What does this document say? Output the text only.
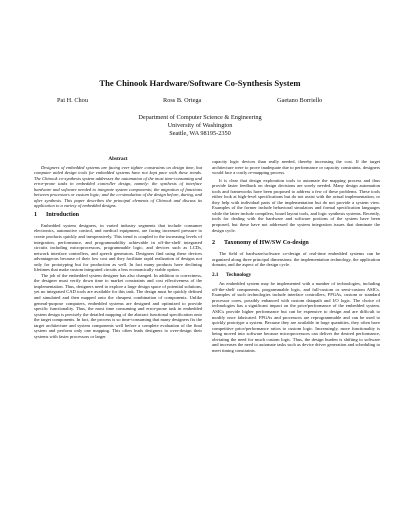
The Chinook Hardware/Software Co-Synthesis System
Pai H. Chou	Ross B. Ortega	Gaetano Borriello
Department of Computer Science & Engineering
University of Washington
Seattle, WA 98195-2350
Abstract

Designers of embedded systems are facing ever tighter constraints on design time, but computer aided design tools for embedded systems have not kept pace with these trends. The Chinook co-synthesis system addresses the automation of the most time-consuming and error-prone tasks in embedded controller design, namely: the synthesis of interface hardware and software needed to integrate system components; the migration of functions between processors or custom logic; and the co-simulation of the design before, during, and after synthesis. This paper describes the principal elements of Chinook and discuss its application to a variety of embedded designs.

1 Introduction

Embedded system designers, in varied industry segments that include consumer electronics, automotive control, and medical equipment, are facing increased pressure to create products quickly and inexpensively. This trend is coupled to the increasing levels of integration, performance, and programmability achievable in off-the-shelf integrated circuits including microprocessors, programmable logic, and devices such as LCDs, network interface controllers, and speech generators. Designers find using these devices advantageous because of their low cost and they facilitate rapid realization of designs not only for prototyping but for production as well. In fact many products have declining lifetimes that make custom integrated circuits a less economically viable option.

The job of the embedded system designer has also changed. In addition to correctness, the designer must verify down time to market constraints and cost effectiveness of the implementation. Thus, designers need to explore a large design space of potential solutions, yet no integrated CAD tools are available for this task. The design must be quickly defined and simulated and then mapped onto the cheapest combination of components. Unlike general-purpose computers, embedded systems are designed and optimized to provide specific functionality. Thus, the most time consuming and error-prone task in embedded system design is precisely the detailed mapping of the abstract functional specification onto the target components. In fact, the process is so time-consuming that many designers fix the target architecture and system components well before a complete evaluation of the final system and perform only one mapping. This often leads designers to over-design their systems with faster processors or larger

capacity logic devices than really needed, thereby increasing the cost. If the target architecture were to prove inadequate due to performance or capacity constraints, designers would face a costly re-mapping process.

It is clear that design exploration tools to automate the mapping process and thus provide faster feedback on design decisions are sorely needed. Many design automation tools and frameworks have been proposed to address a few of these problems. These tools either look at high-level specifications but do not assist with the actual implementation, or they help with individual parts of the implementation but do not provide a system view. Examples of the former include behavioral simulators and formal specification languages while the latter include compilers, board layout tools, and logic synthesis systems. Recently, tools for dealing with the hardware and software portions of the system have been proposed, but these have not addressed the system integration issues that dominate the design cycle.

2 Taxonomy of HW/SW Co-design

The field of hardware/software co-design of real-time embedded systems can be organized along three principal dimensions: the implementation technology, the application domain, and the aspect of the design cycle.

2.1 Technology

An embedded system may be implemented with a number of technologies, including off-the-shelf components, programmable logic, and full-custom or semi-custom ASICs. Examples of such technologies include interface controllers, FPGAs, custom or standard processor cores, possibly enhanced with custom datapath and I/O logic. The choice of technologies has a significant impact on the price/performance of the embedded system. ASICs provide higher performance but can be expensive to design and are difficult to modify once fabricated. FPGAs and processors are reprogrammable and can be used to quickly prototype a system. Because they are available in large quantities, they often have competitive price/performance ratios to custom logic. Increasingly, more functionality is being moved into software because microprocessors can deliver the desired performance, obviating the need for much custom logic. Thus, the design burden is shifting to software and increases the need to automate tasks such as device driver generation and scheduling to meet timing constraints.
